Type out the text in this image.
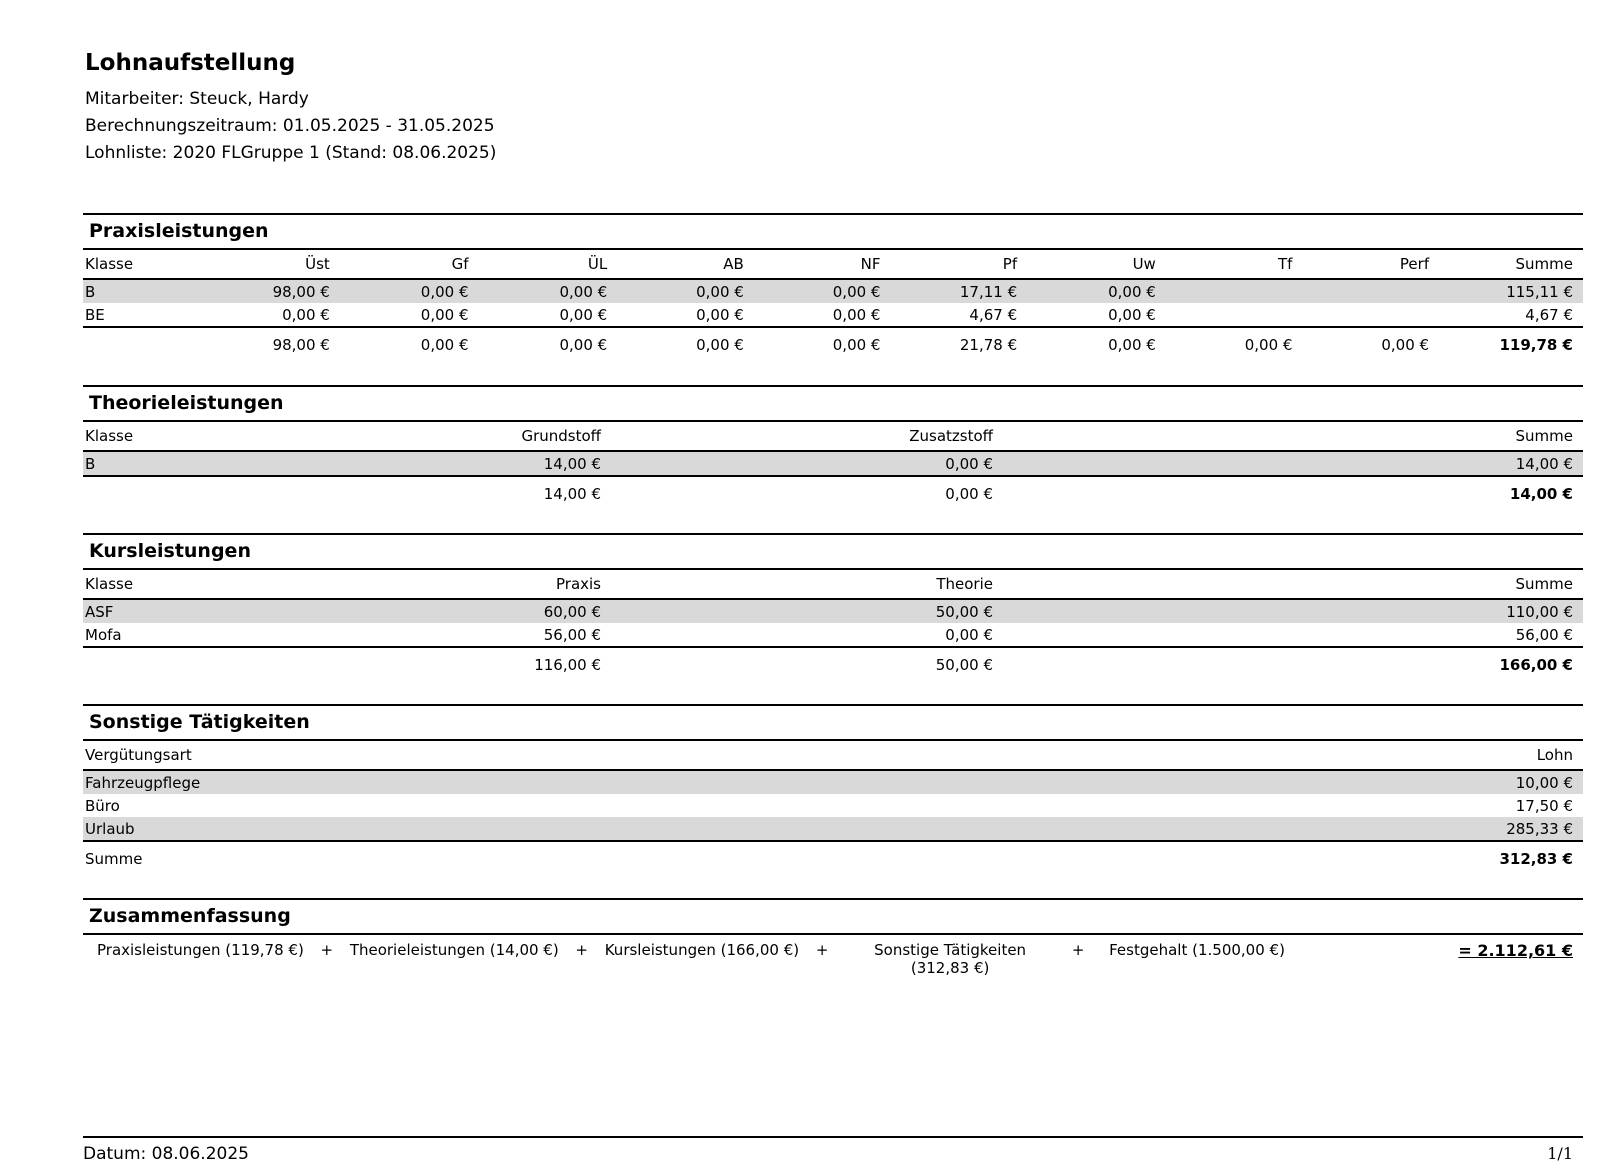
Lohnaufstellung
Mitarbeiter: Steuck, Hardy
Berechnungszeitraum: 01.05.2025 - 31.05.2025
Lohnliste: 2020 FLGruppe 1 (Stand: 08.06.2025)
Praxisleistungen
Klasse	Üst	Gf	ÜL	AB	NF	Pf	Uw	Tf	Perf	Summe
B	98,00 €	0,00 €	0,00 €	0,00 €	0,00 €	17,11 €	0,00 €			115,11 €
BE	0,00 €	0,00 €	0,00 €	0,00 €	0,00 €	4,67 €	0,00 €			4,67 €
	98,00 €	0,00 €	0,00 €	0,00 €	0,00 €	21,78 €	0,00 €	0,00 €	0,00 €	119,78 €
Theorieleistungen
Klasse	Grundstoff	Zusatzstoff	Summe
B	14,00 €	0,00 €	14,00 €
	14,00 €	0,00 €	14,00 €
Kursleistungen
Klasse	Praxis	Theorie	Summe
ASF	60,00 €	50,00 €	110,00 €
Mofa	56,00 €	0,00 €	56,00 €
	116,00 €	50,00 €	166,00 €
Sonstige Tätigkeiten
Vergütungsart	Lohn
Fahrzeugpflege	10,00 €
Büro	17,50 €
Urlaub	285,33 €
Summe	312,83 €
Zusammenfassung
Praxisleistungen (119,78 €)	+	Theorieleistungen (14,00 €)	+	Kursleistungen (166,00 €)	+	Sonstige Tätigkeiten (312,83 €)
+	Festgehalt (1.500,00 €)	= 2.112,61 €
Datum: 08.06.2025	1/1
